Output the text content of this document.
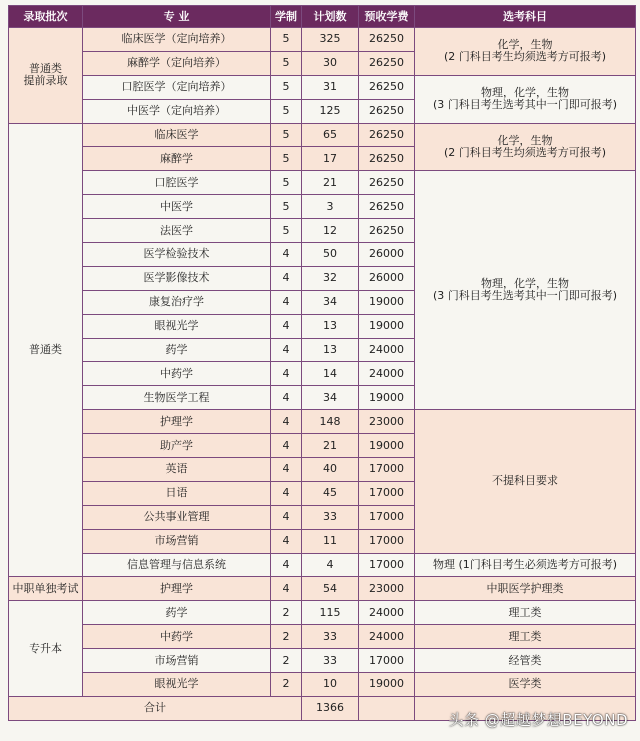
录取批次	专 业	学制	计划数	预收学费	选考科目

普通类
提前录取	临床医学（定向培养）	5	325	26250	化学，生物
(2 门科目考生均须选考方可报考)

	麻醉学（定向培养）	5	30	26250	
	口腔医学（定向培养）	5	31	26250	物理，化学，生物
(3 门科目考生选考其中一门即可报考)

	中医学（定向培养）	5	125	26250	
普通类	临床医学	5	65	26250	化学，生物
(2 门科目考生均须选考方可报考)

	麻醉学	5	17	26250	
	口腔医学	5	21	26250	物理，化学，生物
(3 门科目考生选考其中一门即可报考)

	中医学	5	3	26250	
	法医学	5	12	26250	
	医学检验技术	4	50	26000	
	医学影像技术	4	32	26000	
	康复治疗学	4	34	19000	
	眼视光学	4	13	19000	
	药学	4	13	24000	
	中药学	4	14	24000	
	生物医学工程	4	34	19000	
	护理学	4	148	23000	不提科目要求
	助产学	4	21	19000	
	英语	4	40	17000	
	日语	4	45	17000	
	公共事业管理	4	33	17000	
	市场营销	4	11	17000	
	信息管理与信息系统	4	4	17000	物理 (1门科目考生必须选考方可报考)
中职单独考试	护理学	4	54	23000	中职医学护理类
专升本	药学	2	115	24000	理工类
	中药学	2	33	24000	理工类
	市场营销	2	33	17000	经管类
	眼视光学	2	10	19000	医学类
合计			1366		
头条 @超越梦想BEYOND
